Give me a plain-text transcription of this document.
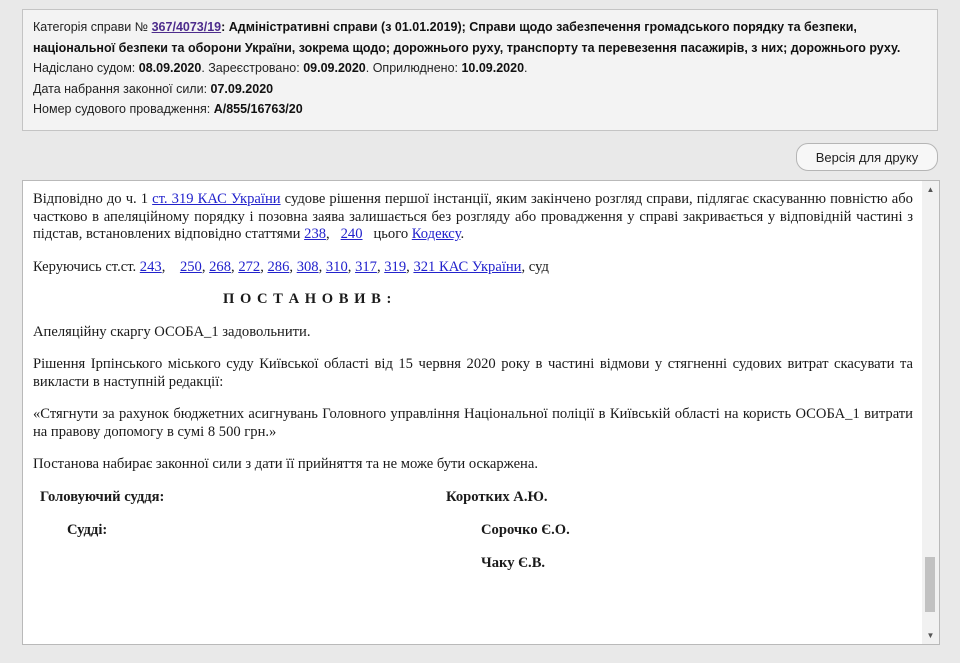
Категорія справи № 367/4073/19: Адміністративні справи (з 01.01.2019); Справи щодо забезпечення громадського порядку та безпеки, національної безпеки та оборони України, зокрема щодо; дорожнього руху, транспорту та перевезення пасажирів, з них; дорожнього руху.
Надіслано судом: 08.09.2020. Зареєстровано: 09.09.2020. Оприлюднено: 10.09.2020.
Дата набрання законної сили: 07.09.2020
Номер судового провадження: А/855/16763/20
Версія для друку

Відповідно до ч. 1 ст. 319 КАС України судове рішення першої інстанції, яким закінчено розгляд справи, підлягає скасуванню повністю або частково в апеляційному порядку і позовна заява залишається без розгляду або провадження у справі закривається у відповідній частині з підстав, встановлених відповідно статтями 238,   240   цього Кодексу.

Керуючись ст.ст. 243,    250, 268, 272, 286, 308, 310, 317, 319, 321 КАС України, суд

П О С Т А Н О В И В :

Апеляційну скаргу ОСОБА_1 задовольнити.

Рішення Ірпінського міського суду Київської області від 15 червня 2020 року в частині відмови у стягненні судових витрат скасувати та викласти в наступній редакції:

«Стягнути за рахунок бюджетних асигнувань Головного управління Національної поліції в Київській області на користь ОСОБА_1 витрати на правову допомогу в сумі 8 500 грн.»

Постанова набирає законної сили з дати її прийняття та не може бути оскаржена.

Головуючий суддя:	Коротких А.Ю.
Судді:	Сорочко Є.О.
Чаку Є.В.
▲
▼
